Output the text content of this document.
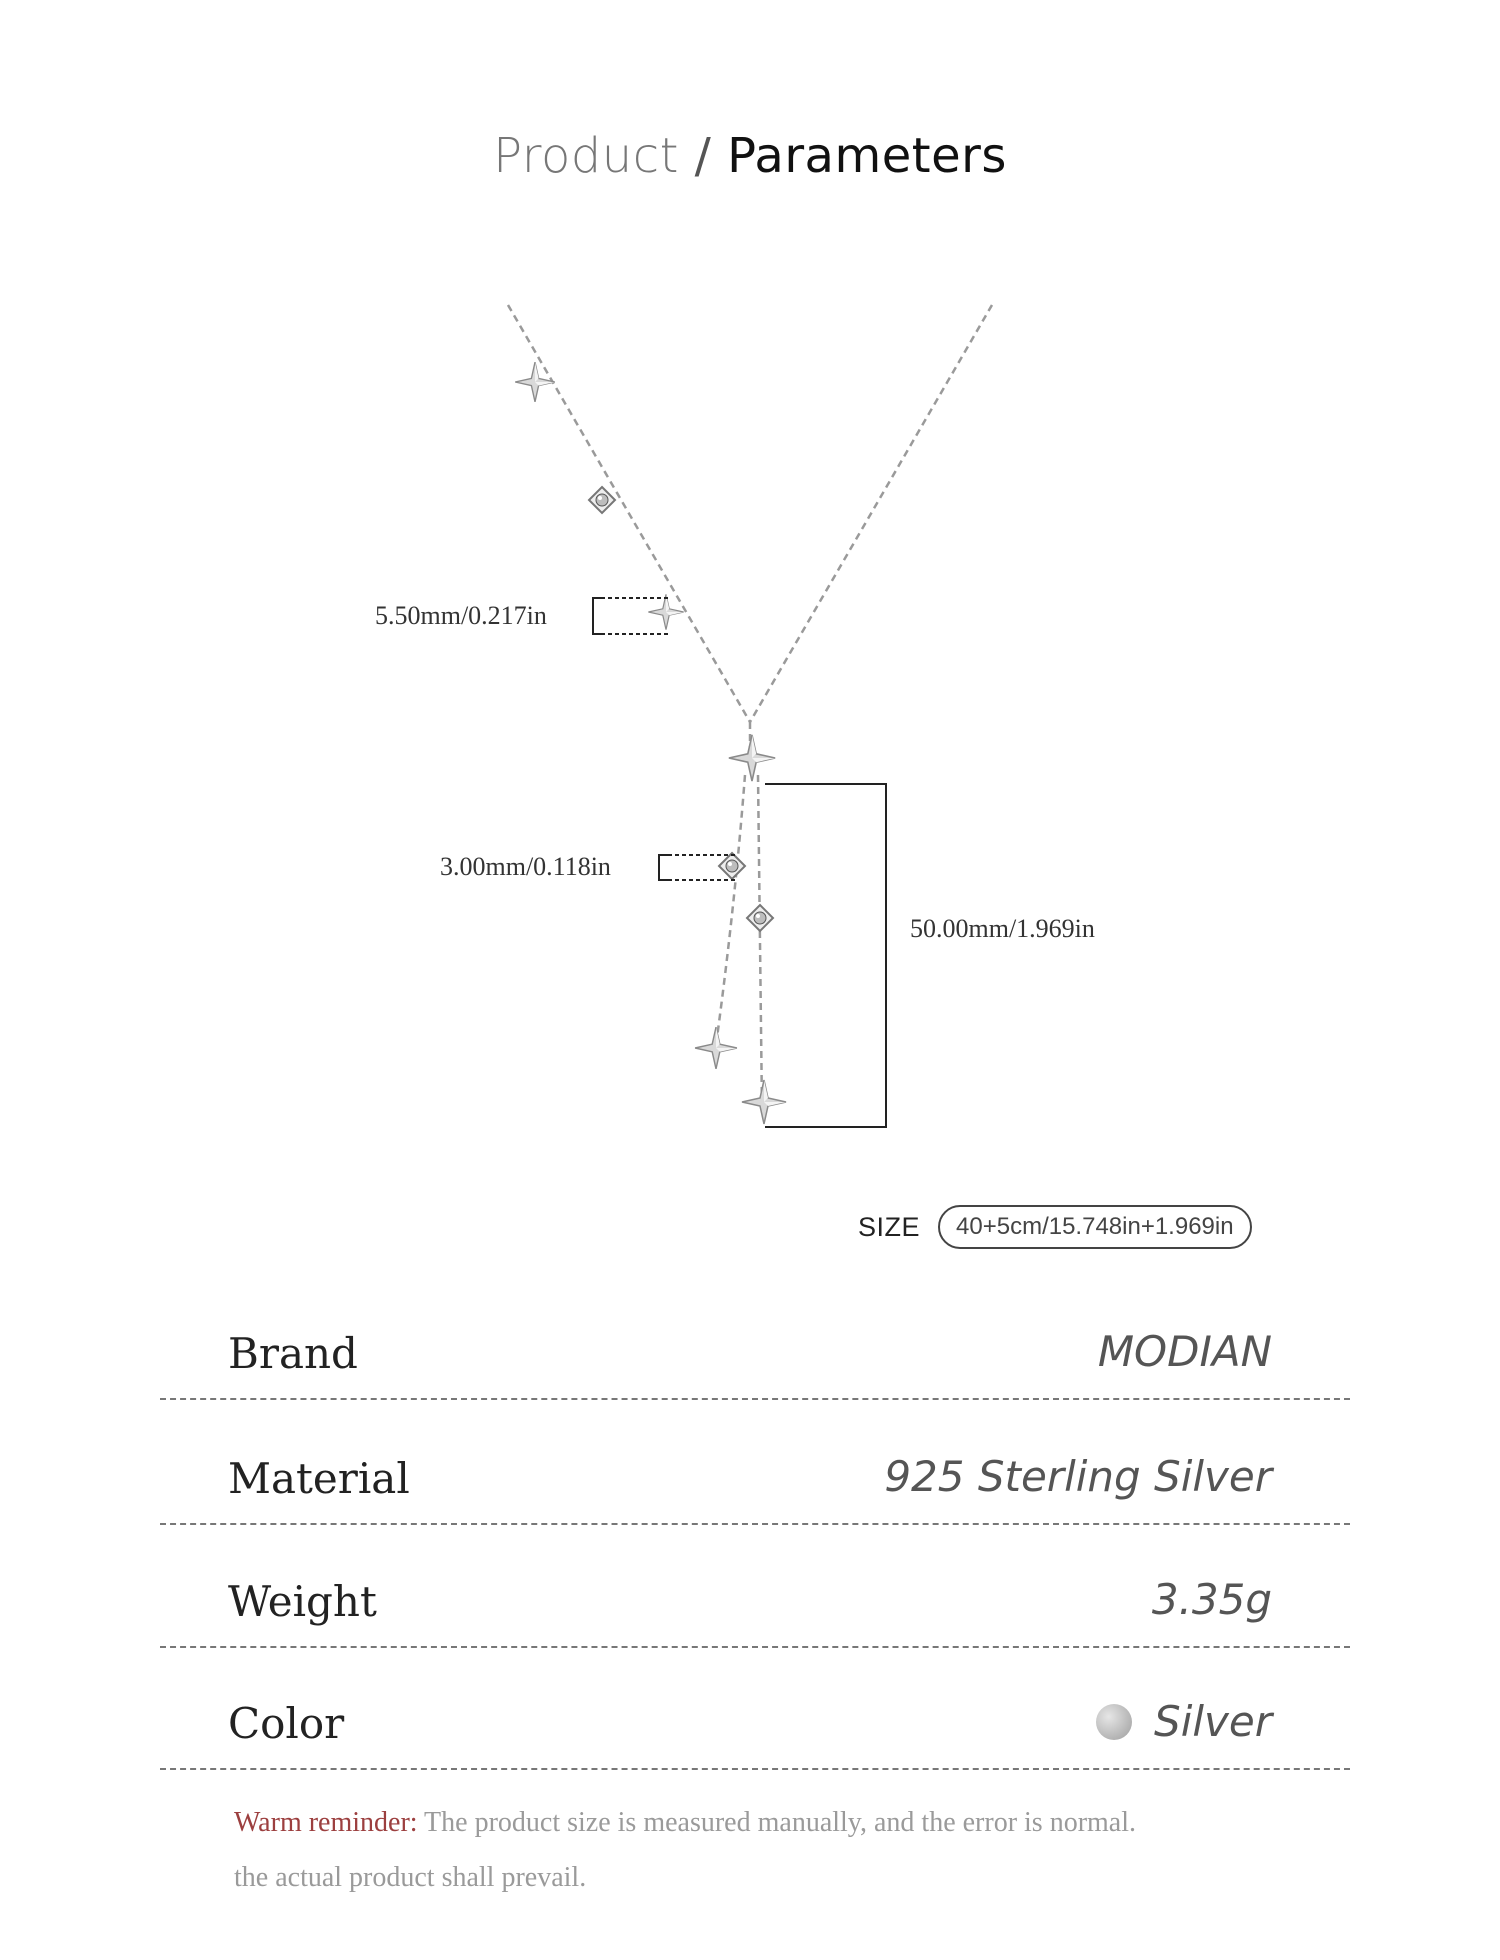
Product / Parameters
5.50mm/0.217in
3.00mm/0.118in
50.00mm/1.969in
SIZE	40+5cm/15.748in+1.969in
Brand	MODIAN
Material	925 Sterling Silver
Weight	3.35g
Color	Silver
Warm reminder: The product size is measured manually, and the error is normal.
the actual product shall prevail.
